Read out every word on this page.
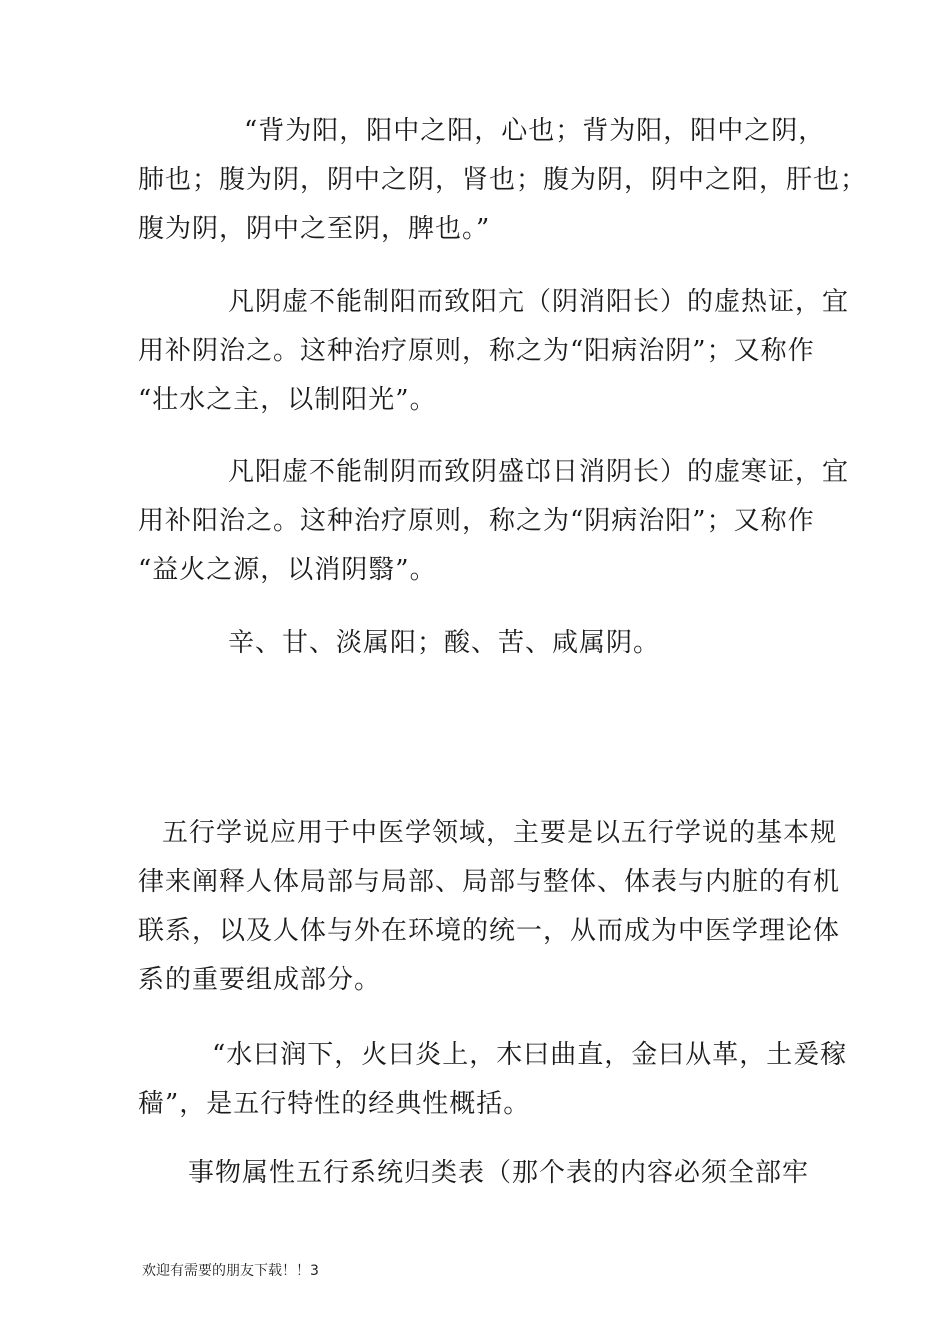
“背为阳，阳中之阳，心也；背为阳，阳中之阴，
肺也；腹为阴，阴中之阴，肾也；腹为阴，阴中之阳，肝也；
腹为阴，阴中之至阴，脾也。”
凡阴虚不能制阳而致阳亢（阴消阳长）的虚热证，宜
用补阴治之。这种治疗原则，称之为“阳病治阴”；又称作
“壮水之主，以制阳光”。
凡阳虚不能制阴而致阴盛邙日消阴长）的虚寒证，宜
用补阳治之。这种治疗原则，称之为“阴病治阳”；又称作
“益火之源，以消阴翳”。
辛、甘、淡属阳；酸、苦、咸属阴。
五行学说应用于中医学领域，主要是以五行学说的基本规
律来阐释人体局部与局部、局部与整体、体表与内脏的有机
联系，以及人体与外在环境的统一，从而成为中医学理论体
系的重要组成部分。
“水曰润下，火曰炎上，木曰曲直，金曰从革，土爰稼
穑”，是五行特性的经典性概括。
事物属性五行系统归类表（那个表的内容必须全部牢
欢迎有需要的朋友下载！！3
